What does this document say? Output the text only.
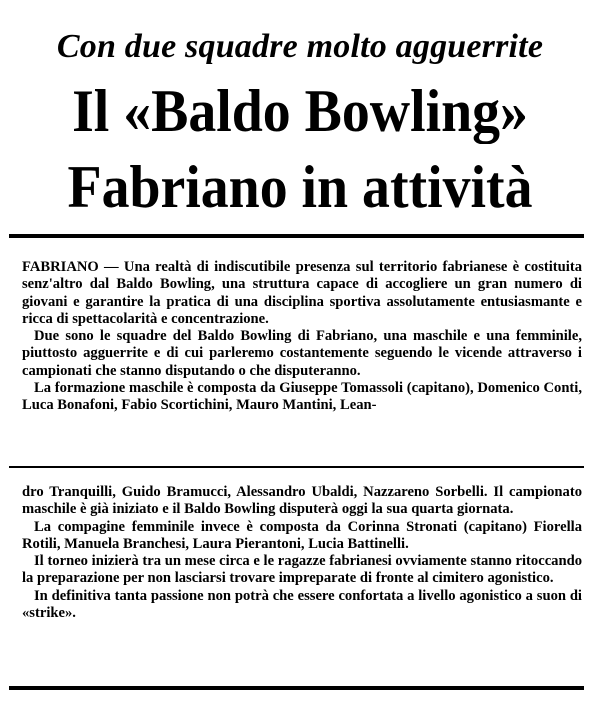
Con due squadre molto agguerrite
Il «Baldo Bowling»
Fabriano in attività

FABRIANO — Una realtà di indiscutibile presenza sul territorio fabrianese è costituita senz'altro dal Baldo Bowling, una struttura capace di accogliere un gran numero di giovani e garantire la pratica di una disciplina sportiva assolutamente entusiasmante e ricca di spettacolarità e concentrazione.

Due sono le squadre del Baldo Bowling di Fabriano, una maschile e una femminile, piuttosto agguerrite e di cui parleremo costantemente seguendo le vicende attraverso i campionati che stanno disputando o che disputeranno.

La formazione maschile è composta da Giuseppe Tomassoli (capitano), Domenico Conti, Luca Bonafoni, Fabio Scortichini, Mauro Mantini, Lean-

dro Tranquilli, Guido Bramucci, Alessandro Ubaldi, Nazzareno Sorbelli. Il campionato maschile è già iniziato e il Baldo Bowling disputerà oggi la sua quarta giornata.

La compagine femminile invece è composta da Corinna Stronati (capitano) Fiorella Rotili, Manuela Branchesi, Laura Pierantoni, Lucia Battinelli.

Il torneo inizierà tra un mese circa e le ragazze fabrianesi ovviamente stanno ritoccando la preparazione per non lasciarsi trovare impreparate di fronte al cimitero agonistico.

In definitiva tanta passione non potrà che essere confortata a livello agonistico a suon di «strike».
